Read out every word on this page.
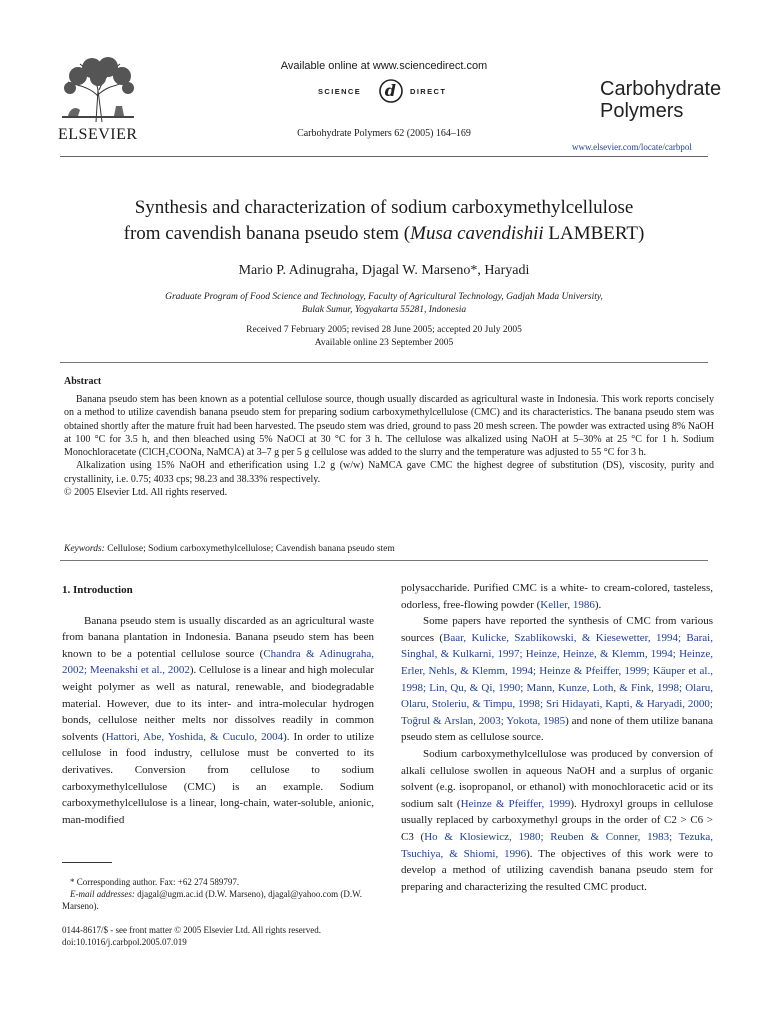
ELSEVIER
Available online at www.sciencedirect.com
SCIENCE d DIRECT
Carbohydrate Polymers 62 (2005) 164–169
Carbohydrate
Polymers
www.elsevier.com/locate/carbpol
Synthesis and characterization of sodium carboxymethylcellulose
from cavendish banana pseudo stem (Musa cavendishii LAMBERT)
Mario P. Adinugraha, Djagal W. Marseno*, Haryadi
Graduate Program of Food Science and Technology, Faculty of Agricultural Technology, Gadjah Mada University,
Bulak Sumur, Yogyakarta 55281, Indonesia
Received 7 February 2005; revised 28 June 2005; accepted 20 July 2005
Available online 23 September 2005
Abstract

Banana pseudo stem has been known as a potential cellulose source, though usually discarded as agricultural waste in Indonesia. This work reports concisely on a method to utilize cavendish banana pseudo stem for preparing sodium carboxymethylcellulose (CMC) and its characteristics. The banana pseudo stem was obtained shortly after the mature fruit had been harvested. The pseudo stem was dried, ground to pass 20 mesh screen. The powder was extracted using 8% NaOH at 100 °C for 3.5 h, and then bleached using 5% NaOCl at 30 °C for 3 h. The cellulose was alkalized using NaOH at 5–30% at 25 °C for 1 h. Sodium Monochloracetate (ClCH₂COONa, NaMCA) at 3–7 g per 5 g cellulose was added to the slurry and the temperature was adjusted to 55 °C for 3 h.

Alkalization using 15% NaOH and etherification using 1.2 g (w/w) NaMCA gave CMC the highest degree of substitution (DS), viscosity, purity and crystallinity, i.e. 0.75; 4033 cps; 98.23 and 38.33% respectively.

© 2005 Elsevier Ltd. All rights reserved.

Keywords: Cellulose; Sodium carboxymethylcellulose; Cavendish banana pseudo stem

1. Introduction

Banana pseudo stem is usually discarded as an agricultural waste from banana plantation in Indonesia. Banana pseudo stem has been known to be a potential cellulose source (Chandra & Adinugraha, 2002; Meenakshi et al., 2002). Cellulose is a linear and high molecular weight polymer as well as natural, renewable, and biodegradable material. However, due to its inter- and intra-molecular hydrogen bonds, cellulose neither melts nor dissolves readily in common solvents (Hattori, Abe, Yoshida, & Cuculo, 2004). In order to utilize cellulose in food industry, cellulose must be converted to its derivatives. Conversion from cellulose to sodium carboxymethylcellulose (CMC) is an example. Sodium carboxymethylcellulose is a linear, long-chain, water-soluble, anionic, man-modified

* Corresponding author. Fax: +62 274 589797.

E-mail addresses: djagal@ugm.ac.id (D.W. Marseno), djagal@yahoo.com (D.W. Marseno).

0144-8617/$ - see front matter © 2005 Elsevier Ltd. All rights reserved.

doi:10.1016/j.carbpol.2005.07.019

polysaccharide. Purified CMC is a white- to cream-colored, tasteless, odorless, free-flowing powder (Keller, 1986).

Some papers have reported the synthesis of CMC from various sources (Baar, Kulicke, Szablikowski, & Kiesewetter, 1994; Barai, Singhal, & Kulkarni, 1997; Heinze, Heinze, & Klemm, 1994; Heinze, Erler, Nehls, & Klemm, 1994; Heinze & Pfeiffer, 1999; Käuper et al., 1998; Lin, Qu, & Qi, 1990; Mann, Kunze, Loth, & Fink, 1998; Olaru, Olaru, Stoleriu, & Timpu, 1998; Sri Hidayati, Kapti, & Haryadi, 2000; Toğrul & Arslan, 2003; Yokota, 1985) and none of them utilize banana pseudo stem as cellulose source.

Sodium carboxymethylcellulose was produced by conversion of alkali cellulose swollen in aqueous NaOH and a surplus of organic solvent (e.g. isopropanol, or ethanol) with monochloracetic acid or its sodium salt (Heinze & Pfeiffer, 1999). Hydroxyl groups in cellulose usually replaced by carboxymethyl groups in the order of C2 > C6 > C3 (Ho & Klosiewicz, 1980; Reuben & Conner, 1983; Tezuka, Tsuchiya, & Shiomi, 1996). The objectives of this work were to develop a method of utilizing cavendish banana pseudo stem for preparing and characterizing the resulted CMC product.
